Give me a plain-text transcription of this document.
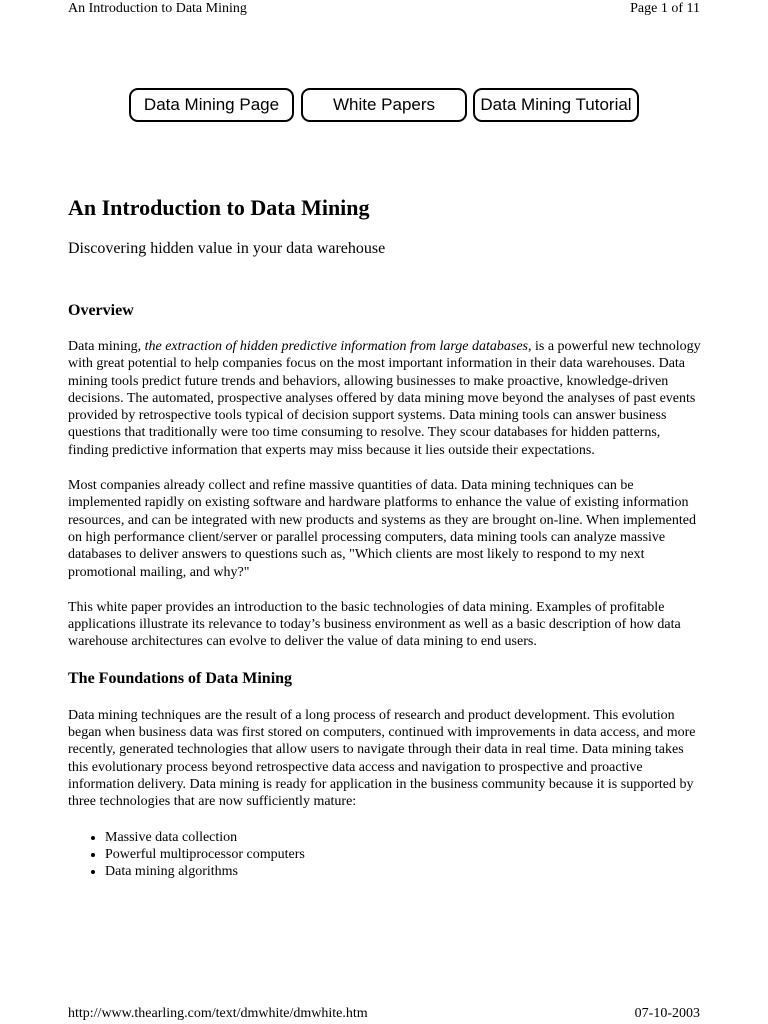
An Introduction to Data Mining	Page 1 of 11
Data Mining Page	White Papers	Data Mining Tutorial
An Introduction to Data Mining
Discovering hidden value in your data warehouse
Overview

Data mining, the extraction of hidden predictive information from large databases, is a powerful new technology with great potential to help companies focus on the most important information in their data warehouses. Data mining tools predict future trends and behaviors, allowing businesses to make proactive, knowledge-driven decisions. The automated, prospective analyses offered by data mining move beyond the analyses of past events provided by retrospective tools typical of decision support systems. Data mining tools can answer business questions that traditionally were too time consuming to resolve. They scour databases for hidden patterns, finding predictive information that experts may miss because it lies outside their expectations.

Most companies already collect and refine massive quantities of data. Data mining techniques can be implemented rapidly on existing software and hardware platforms to enhance the value of existing information resources, and can be integrated with new products and systems as they are brought on-line. When implemented on high performance client/server or parallel processing computers, data mining tools can analyze massive databases to deliver answers to questions such as, "Which clients are most likely to respond to my next promotional mailing, and why?"

This white paper provides an introduction to the basic technologies of data mining. Examples of profitable applications illustrate its relevance to today’s business environment as well as a basic description of how data warehouse architectures can evolve to deliver the value of data mining to end users.

The Foundations of Data Mining

Data mining techniques are the result of a long process of research and product development. This evolution began when business data was first stored on computers, continued with improvements in data access, and more recently, generated technologies that allow users to navigate through their data in real time. Data mining takes this evolutionary process beyond retrospective data access and navigation to prospective and proactive information delivery. Data mining is ready for application in the business community because it is supported by three technologies that are now sufficiently mature:

• Massive data collection
• Powerful multiprocessor computers
• Data mining algorithms
http://www.thearling.com/text/dmwhite/dmwhite.htm	07-10-2003
